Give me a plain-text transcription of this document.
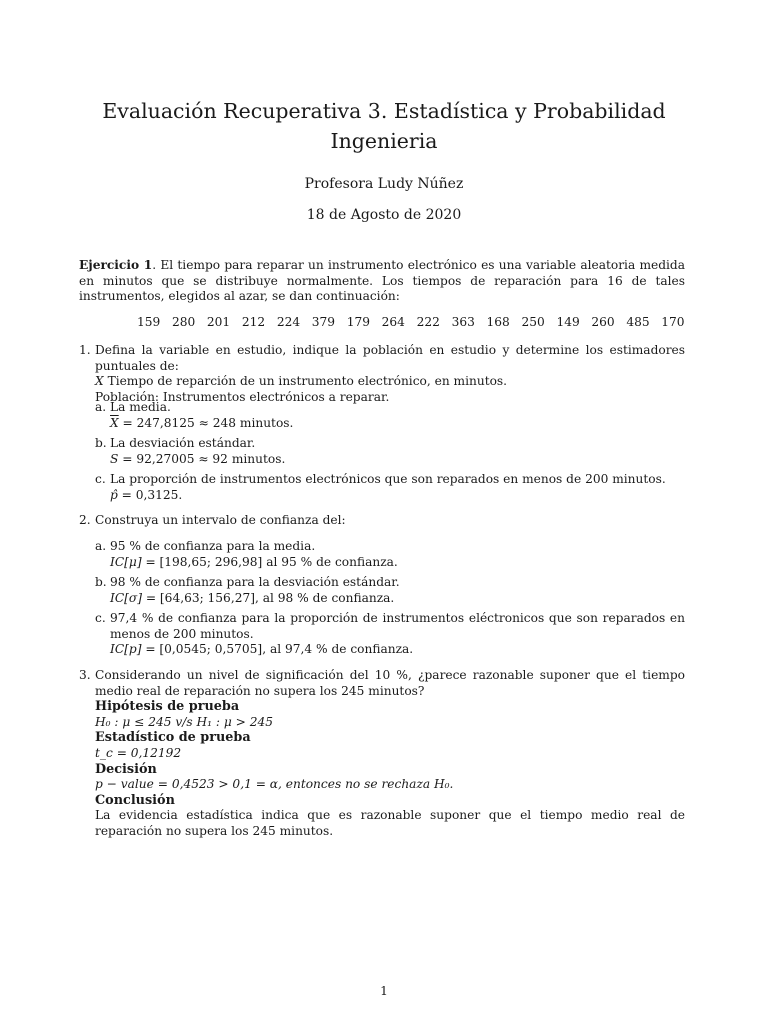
Evaluación Recuperativa 3. Estadística y Probabilidad
Ingenieria
Profesora Ludy Núñez
18 de Agosto de 2020
Ejercicio 1. El tiempo para reparar un instrumento electrónico es una variable aleatoria medida en minutos que se distribuye normalmente. Los tiempos de reparación para 16 de tales instrumentos, elegidos al azar, se dan continuación:
159 280 201 212 224 379 179 264 222 363 168 250 149 260 485 170
1. Defina la variable en estudio, indique la población en estudio y determine los estimadores puntuales de:
X Tiempo de reparción de un instrumento electrónico, en minutos.
Población: Instrumentos electrónicos a reparar.
a. La media.
$\overline{X} = 247,8125 \approx 248$ minutos.
b. La desviación estándar.
S = 92,27005 ≈ 92 minutos.
c. La proporción de instrumentos electrónicos que son reparados en menos de 200 minutos.
p̂ = 0,3125.
2. Construya un intervalo de confianza del:
a. 95 % de confianza para la media.
IC[μ] = [198,65; 296,98] al 95 % de confianza.
b. 98 % de confianza para la desviación estándar.
IC[σ] = [64,63; 156,27], al 98 % de confianza.
c. 97,4 % de confianza para la proporción de instrumentos eléctronicos que son reparados en menos de 200 minutos.
IC[p] = [0,0545; 0,5705], al 97,4 % de confianza.
3. Considerando un nivel de significación del 10 %, ¿parece razonable suponer que el tiempo medio real de reparación no supera los 245 minutos?
Hipótesis de prueba
H₀ : μ ≤ 245 v/s H₁ : μ > 245
Estadístico de prueba
t_c = 0,12192
Decisión
p − value = 0,4523 > 0,1 = α, entonces no se rechaza H₀.
Conclusión
La evidencia estadística indica que es razonable suponer que el tiempo medio real de reparación no supera los 245 minutos.
1
